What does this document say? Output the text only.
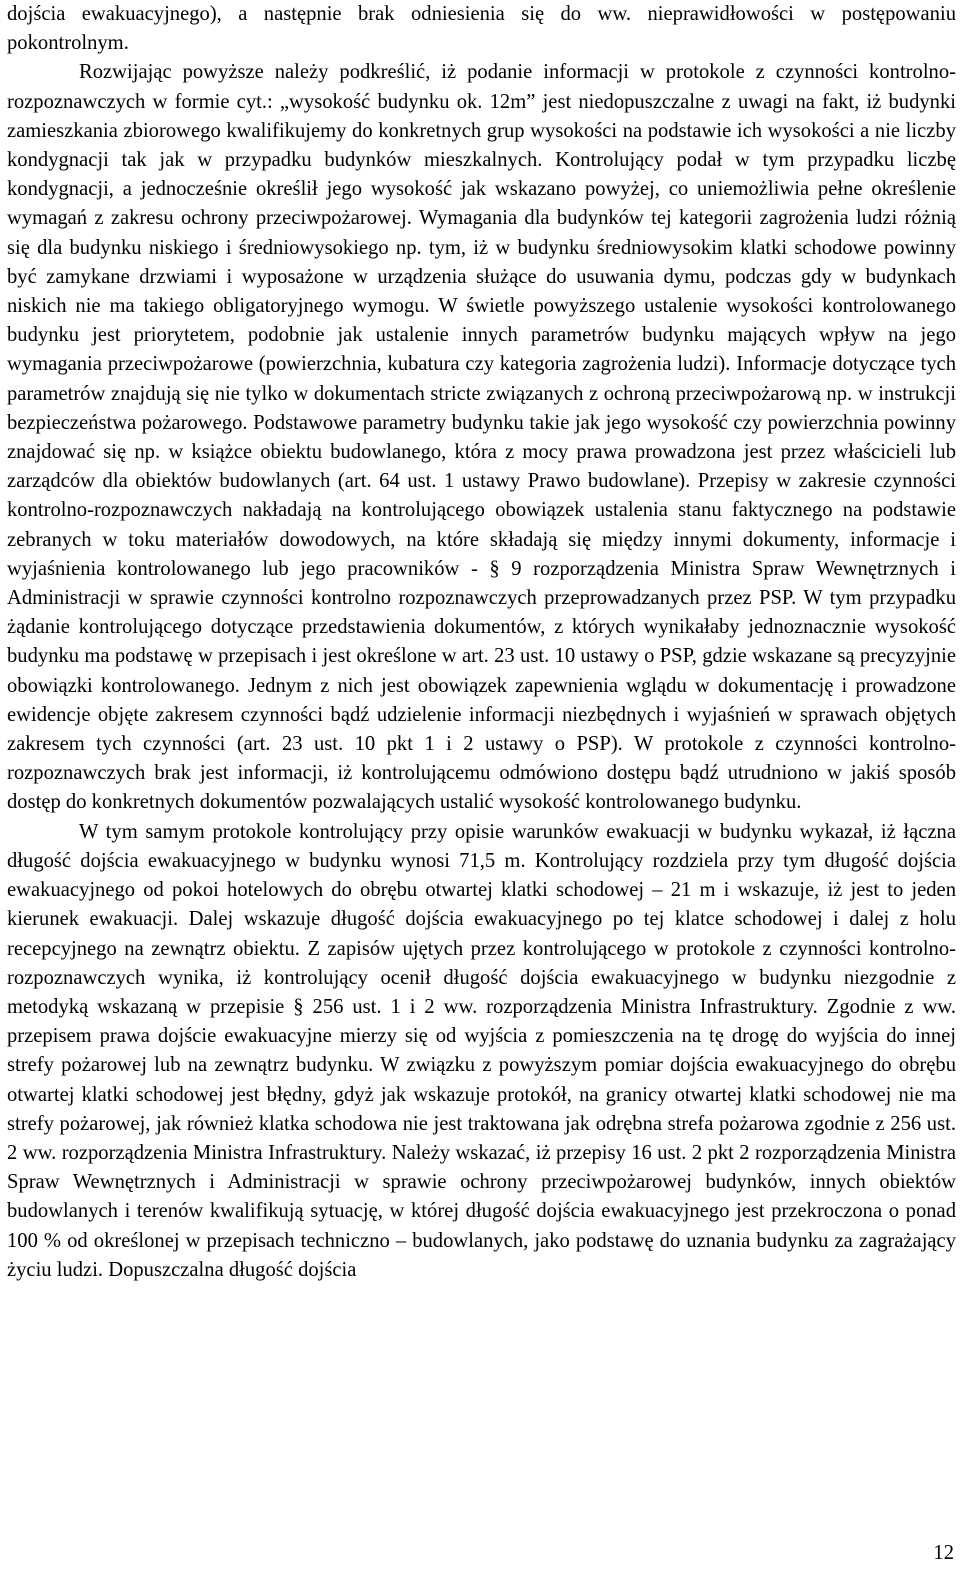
dojścia ewakuacyjnego), a następnie brak odniesienia się do ww. nieprawidłowości w postępowaniu pokontrolnym.

Rozwijając powyższe należy podkreślić, iż podanie informacji w protokole z czynności kontrolno-rozpoznawczych w formie cyt.: „wysokość budynku ok. 12m” jest niedopuszczalne z uwagi na fakt, iż budynki zamieszkania zbiorowego kwalifikujemy do konkretnych grup wysokości na podstawie ich wysokości a nie liczby kondygnacji tak jak w przypadku budynków mieszkalnych. Kontrolujący podał w tym przypadku liczbę kondygnacji, a jednocześnie określił jego wysokość jak wskazano powyżej, co uniemożliwia pełne określenie wymagań z zakresu ochrony przeciwpożarowej. Wymagania dla budynków tej kategorii zagrożenia ludzi różnią się dla budynku niskiego i średniowysokiego np. tym, iż w budynku średniowysokim klatki schodowe powinny być zamykane drzwiami i wyposażone w urządzenia służące do usuwania dymu, podczas gdy w budynkach niskich nie ma takiego obligatoryjnego wymogu. W świetle powyższego ustalenie wysokości kontrolowanego budynku jest priorytetem, podobnie jak ustalenie innych parametrów budynku mających wpływ na jego wymagania przeciwpożarowe (powierzchnia, kubatura czy kategoria zagrożenia ludzi). Informacje dotyczące tych parametrów znajdują się nie tylko w dokumentach stricte związanych z ochroną przeciwpożarową np. w instrukcji bezpieczeństwa pożarowego. Podstawowe parametry budynku takie jak jego wysokość czy powierzchnia powinny znajdować się np. w książce obiektu budowlanego, która z mocy prawa prowadzona jest przez właścicieli lub zarządców dla obiektów budowlanych (art. 64 ust. 1 ustawy Prawo budowlane). Przepisy w zakresie czynności kontrolno-rozpoznawczych nakładają na kontrolującego obowiązek ustalenia stanu faktycznego na podstawie zebranych w toku materiałów dowodowych, na które składają się między innymi dokumenty, informacje i wyjaśnienia kontrolowanego lub jego pracowników - § 9 rozporządzenia Ministra Spraw Wewnętrznych i Administracji w sprawie czynności kontrolno rozpoznawczych przeprowadzanych przez PSP. W tym przypadku żądanie kontrolującego dotyczące przedstawienia dokumentów, z których wynikałaby jednoznacznie wysokość budynku ma podstawę w przepisach i jest określone w art. 23 ust. 10 ustawy o PSP, gdzie wskazane są precyzyjnie obowiązki kontrolowanego. Jednym z nich jest obowiązek zapewnienia wglądu w dokumentację i prowadzone ewidencje objęte zakresem czynności bądź udzielenie informacji niezbędnych i wyjaśnień w sprawach objętych zakresem tych czynności (art. 23 ust. 10 pkt 1 i 2 ustawy o PSP). W protokole z czynności kontrolno-rozpoznawczych brak jest informacji, iż kontrolującemu odmówiono dostępu bądź utrudniono w jakiś sposób dostęp do konkretnych dokumentów pozwalających ustalić wysokość kontrolowanego budynku.

W tym samym protokole kontrolujący przy opisie warunków ewakuacji w budynku wykazał, iż łączna długość dojścia ewakuacyjnego w budynku wynosi 71,5 m. Kontrolujący rozdziela przy tym długość dojścia ewakuacyjnego od pokoi hotelowych do obrębu otwartej klatki schodowej – 21 m i wskazuje, iż jest to jeden kierunek ewakuacji. Dalej wskazuje długość dojścia ewakuacyjnego po tej klatce schodowej i dalej z holu recepcyjnego na zewnątrz obiektu. Z zapisów ujętych przez kontrolującego w protokole z czynności kontrolno-rozpoznawczych wynika, iż kontrolujący ocenił długość dojścia ewakuacyjnego w budynku niezgodnie z metodyką wskazaną w przepisie § 256 ust. 1 i 2 ww. rozporządzenia Ministra Infrastruktury. Zgodnie z ww. przepisem prawa dojście ewakuacyjne mierzy się od wyjścia z pomieszczenia na tę drogę do wyjścia do innej strefy pożarowej lub na zewnątrz budynku. W związku z powyższym pomiar dojścia ewakuacyjnego do obrębu otwartej klatki schodowej jest błędny, gdyż jak wskazuje protokół, na granicy otwartej klatki schodowej nie ma strefy pożarowej, jak również klatka schodowa nie jest traktowana jak odrębna strefa pożarowa zgodnie z 256 ust. 2 ww. rozporządzenia Ministra Infrastruktury. Należy wskazać, iż przepisy 16 ust. 2 pkt 2 rozporządzenia Ministra Spraw Wewnętrznych i Administracji w sprawie ochrony przeciwpożarowej budynków, innych obiektów budowlanych i terenów kwalifikują sytuację, w której długość dojścia ewakuacyjnego jest przekroczona o ponad 100 % od określonej w przepisach techniczno – budowlanych, jako podstawę do uznania budynku za zagrażający życiu ludzi. Dopuszczalna długość dojścia

12
